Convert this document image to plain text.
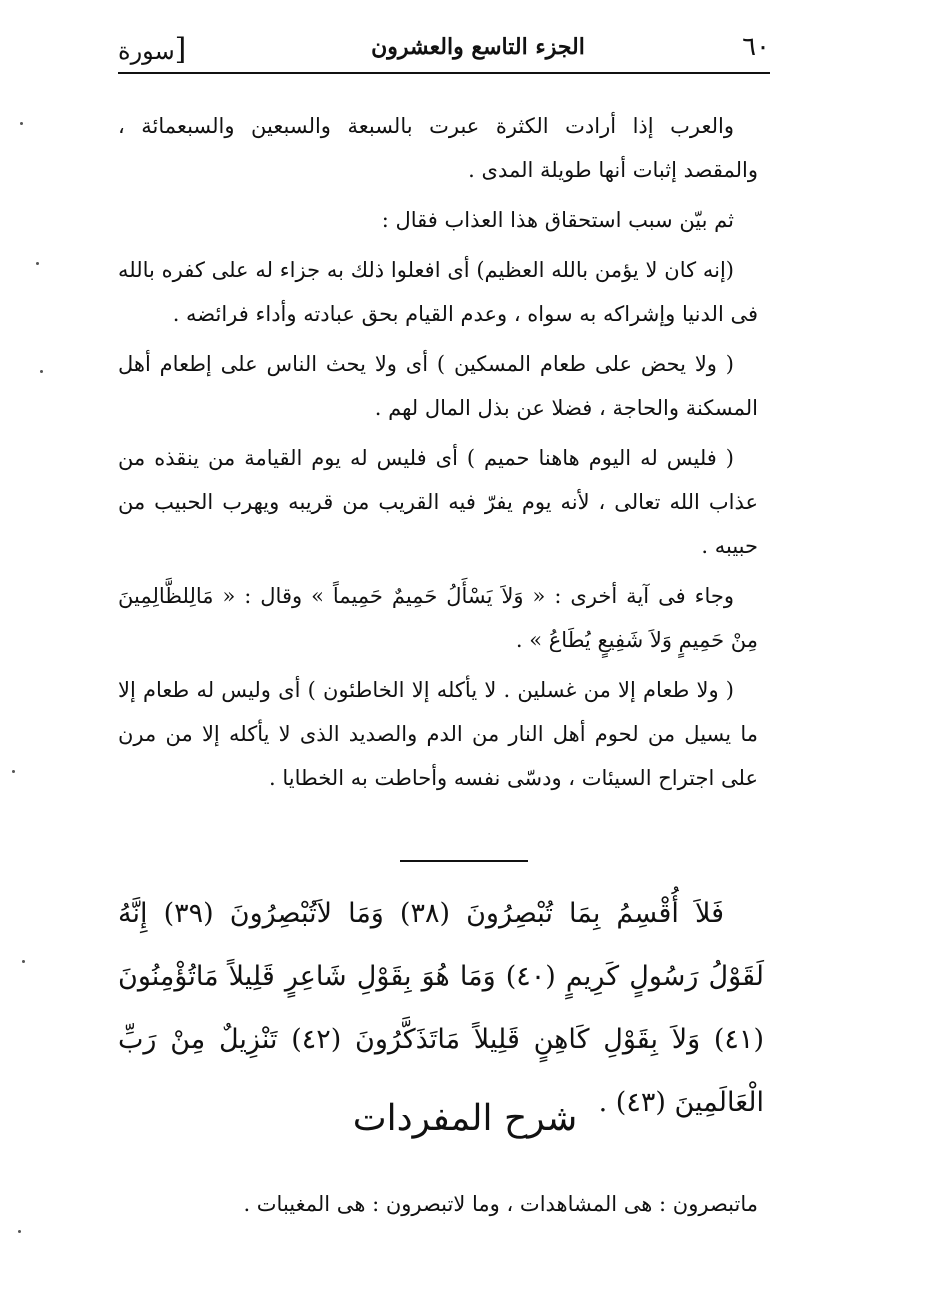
٦٠
الجزء التاسع والعشرون
[سورة

والعرب إذا أرادت الكثرة عبرت بالسبعة والسبعين والسبعمائة ، والمقصد إثبات أنها طويلة المدى .

ثم بيّن سبب استحقاق هذا العذاب فقال :

(إنه كان لا يؤمن بالله العظيم) أى افعلوا ذلك به جزاء له على كفره بالله فى الدنيا وإشراكه به سواه ، وعدم القيام بحق عبادته وأداء فرائضه .

( ولا يحض على طعام المسكين ) أى ولا يحث الناس على إطعام أهل المسكنة والحاجة ، فضلا عن بذل المال لهم .

( فليس له اليوم هاهنا حميم ) أى فليس له يوم القيامة من ينقذه من عذاب الله تعالى ، لأنه يوم يفرّ فيه القريب من قريبه ويهرب الحبيب من حبيبه .

وجاء فى آية أخرى : « وَلاَ يَسْأَلُ حَمِيمٌ حَمِيماً » وقال : « مَالِلظَّالِمِينَ مِنْ حَمِيمٍ وَلاَ شَفِيعٍ يُطَاعُ » .

( ولا طعام إلا من غسلين . لا يأكله إلا الخاطئون ) أى وليس له طعام إلا ما يسيل من لحوم أهل النار من الدم والصديد الذى لا يأكله إلا من مرن على اجتراح السيئات ، ودسّى نفسه وأحاطت به الخطايا .

فَلاَ أُقْسِمُ بِمَا تُبْصِرُونَ (٣٨) وَمَا لاَتُبْصِرُونَ (٣٩) إِنَّهُ لَقَوْلُ رَسُولٍ كَرِيمٍ (٤٠) وَمَا هُوَ بِقَوْلِ شَاعِرٍ قَلِيلاً مَاتُؤْمِنُونَ (٤١) وَلاَ بِقَوْلِ كَاهِنٍ قَلِيلاً مَاتَذَكَّرُونَ (٤٢) تَنْزِيلٌ مِنْ رَبِّ الْعَالَمِينَ (٤٣) .
شرح المفردات
ماتبصرون : هى المشاهدات ، وما لاتبصرون : هى المغيبات .
